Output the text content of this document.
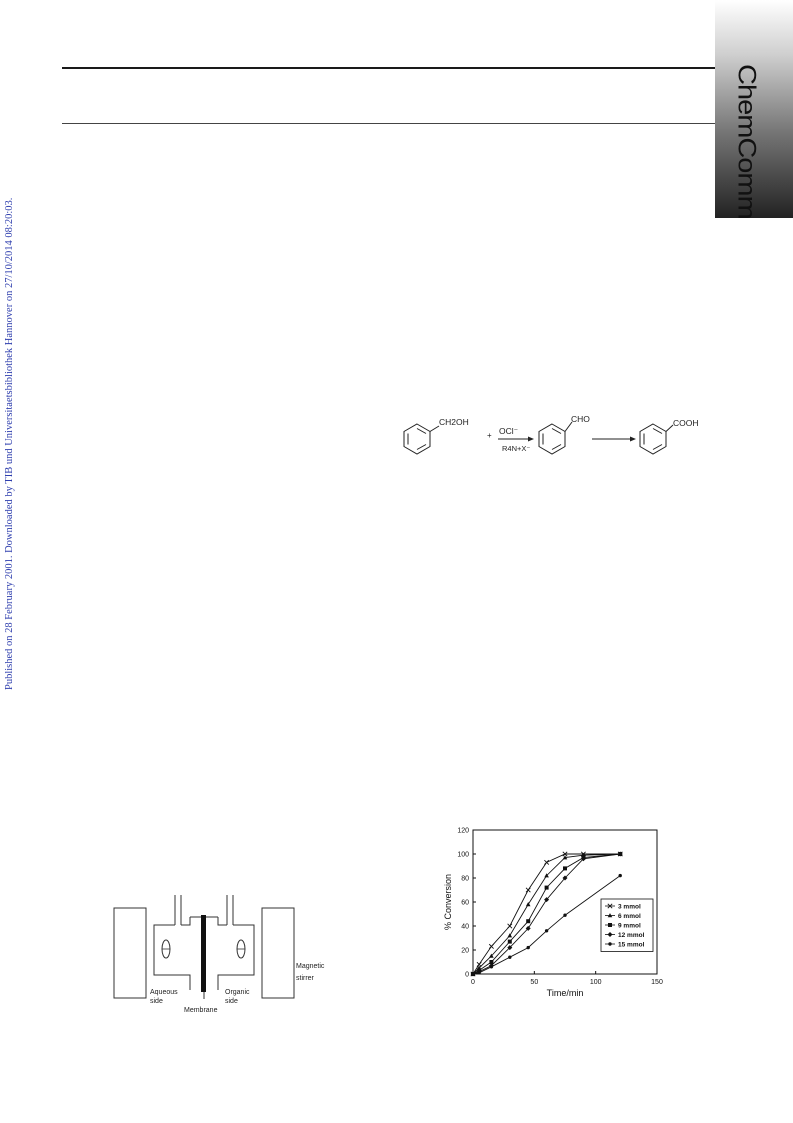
ChemComm
Published on 28 February 2001. Downloaded by TIB und Universitaetsbibliothek Hannover on 27/10/2014 08:20:03.	CH2OH
+ OCl⁻
R4N+X⁻
CHO	COOH
Aqueous
side
Organic
side
Membrane
Magnetic
stirrer
0	50	100	150
0
20
40
60
80
100
120
3 mmol
6 mmol
9 mmol
12 mmol
15 mmol
Time/min
% Conversion
